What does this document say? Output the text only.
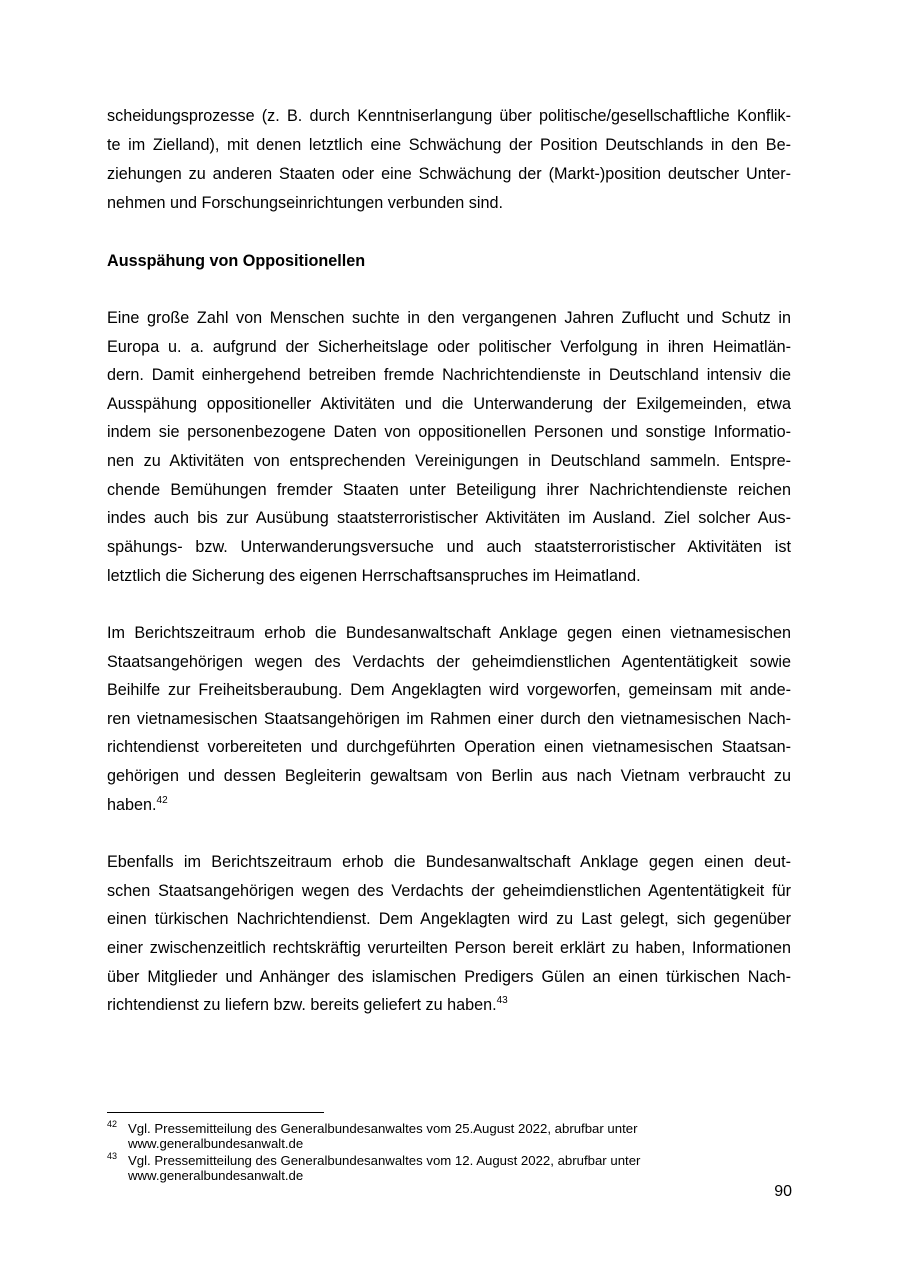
scheidungsprozesse (z. B. durch Kenntniserlangung über politische/gesellschaftliche Konflik-
te im Zielland), mit denen letztlich eine Schwächung der Position Deutschlands in den Be-
ziehungen zu anderen Staaten oder eine Schwächung der (Markt-)position deutscher Unter-
nehmen und Forschungseinrichtungen verbunden sind.
Ausspähung von Oppositionellen
Eine große Zahl von Menschen suchte in den vergangenen Jahren Zuflucht und Schutz in
Europa u. a. aufgrund der Sicherheitslage oder politischer Verfolgung in ihren Heimatlän-
dern. Damit einhergehend betreiben fremde Nachrichtendienste in Deutschland intensiv die
Ausspähung oppositioneller Aktivitäten und die Unterwanderung der Exilgemeinden, etwa
indem sie personenbezogene Daten von oppositionellen Personen und sonstige Informatio-
nen zu Aktivitäten von entsprechenden Vereinigungen in Deutschland sammeln. Entspre-
chende Bemühungen fremder Staaten unter Beteiligung ihrer Nachrichtendienste reichen
indes auch bis zur Ausübung staatsterroristischer Aktivitäten im Ausland. Ziel solcher Aus-
spähungs- bzw. Unterwanderungsversuche und auch staatsterroristischer Aktivitäten ist
letztlich die Sicherung des eigenen Herrschaftsanspruches im Heimatland.
Im Berichtszeitraum erhob die Bundesanwaltschaft Anklage gegen einen vietnamesischen
Staatsangehörigen wegen des Verdachts der geheimdienstlichen Agententätigkeit sowie
Beihilfe zur Freiheitsberaubung. Dem Angeklagten wird vorgeworfen, gemeinsam mit ande-
ren vietnamesischen Staatsangehörigen im Rahmen einer durch den vietnamesischen Nach-
richtendienst vorbereiteten und durchgeführten Operation einen vietnamesischen Staatsan-
gehörigen und dessen Begleiterin gewaltsam von Berlin aus nach Vietnam verbraucht zu
haben.$^{42}$
Ebenfalls im Berichtszeitraum erhob die Bundesanwaltschaft Anklage gegen einen deut-
schen Staatsangehörigen wegen des Verdachts der geheimdienstlichen Agententätigkeit für
einen türkischen Nachrichtendienst. Dem Angeklagten wird zu Last gelegt, sich gegenüber
einer zwischenzeitlich rechtskräftig verurteilten Person bereit erklärt zu haben, Informationen
über Mitglieder und Anhänger des islamischen Predigers Gülen an einen türkischen Nach-
richtendienst zu liefern bzw. bereits geliefert zu haben.$^{43}$
42 Vgl. Pressemitteilung des Generalbundesanwaltes vom 25.August 2022, abrufbar unter
www.generalbundesanwalt.de
43 Vgl. Pressemitteilung des Generalbundesanwaltes vom 12. August 2022, abrufbar unter
www.generalbundesanwalt.de
90
